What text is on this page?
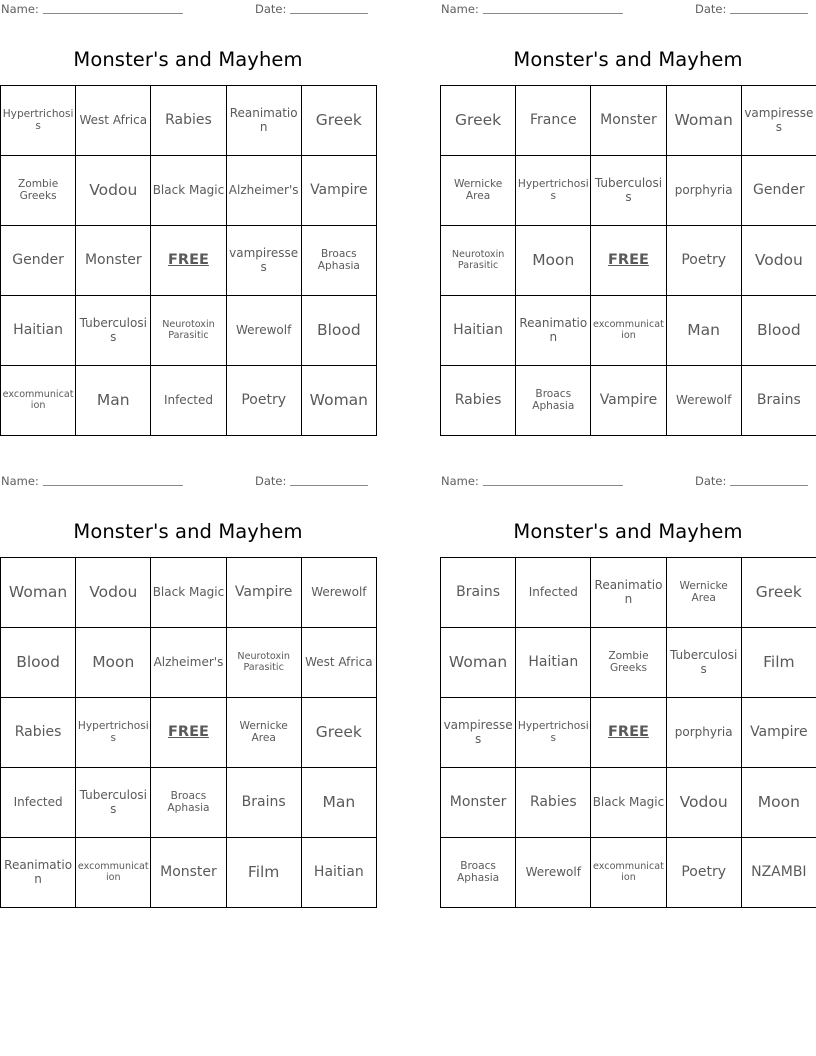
Name:	Date:
Monster's and Mayhem
Hypertrichosis	West Africa	Rabies	Reanimation	Greek
Zombie Greeks	Vodou	Black Magic	Alzheimer's	Vampire
Gender	Monster	FREE	vampiresses	Broacs Aphasia
Haitian	Tuberculosis	Neurotoxin Parasitic	Werewolf	Blood
excommunication	Man	Infected	Poetry	Woman
Name:	Date:
Monster's and Mayhem
Greek	France	Monster	Woman	vampiresses
Wernicke Area	Hypertrichosis	Tuberculosis	porphyria	Gender
Neurotoxin Parasitic	Moon	FREE	Poetry	Vodou
Haitian	Reanimation	excommunication	Man	Blood
Rabies	Broacs Aphasia	Vampire	Werewolf	Brains
Name:	Date:
Monster's and Mayhem
Woman	Vodou	Black Magic	Vampire	Werewolf
Blood	Moon	Alzheimer's	Neurotoxin Parasitic	West Africa
Rabies	Hypertrichosis	FREE	Wernicke Area	Greek
Infected	Tuberculosis	Broacs Aphasia	Brains	Man
Reanimation	excommunication	Monster	Film	Haitian
Name:	Date:
Monster's and Mayhem
Brains	Infected	Reanimation	Wernicke Area	Greek
Woman	Haitian	Zombie Greeks	Tuberculosis	Film
vampiresses	Hypertrichosis	FREE	porphyria	Vampire
Monster	Rabies	Black Magic	Vodou	Moon
Broacs Aphasia	Werewolf	excommunication	Poetry	NZAMBI
